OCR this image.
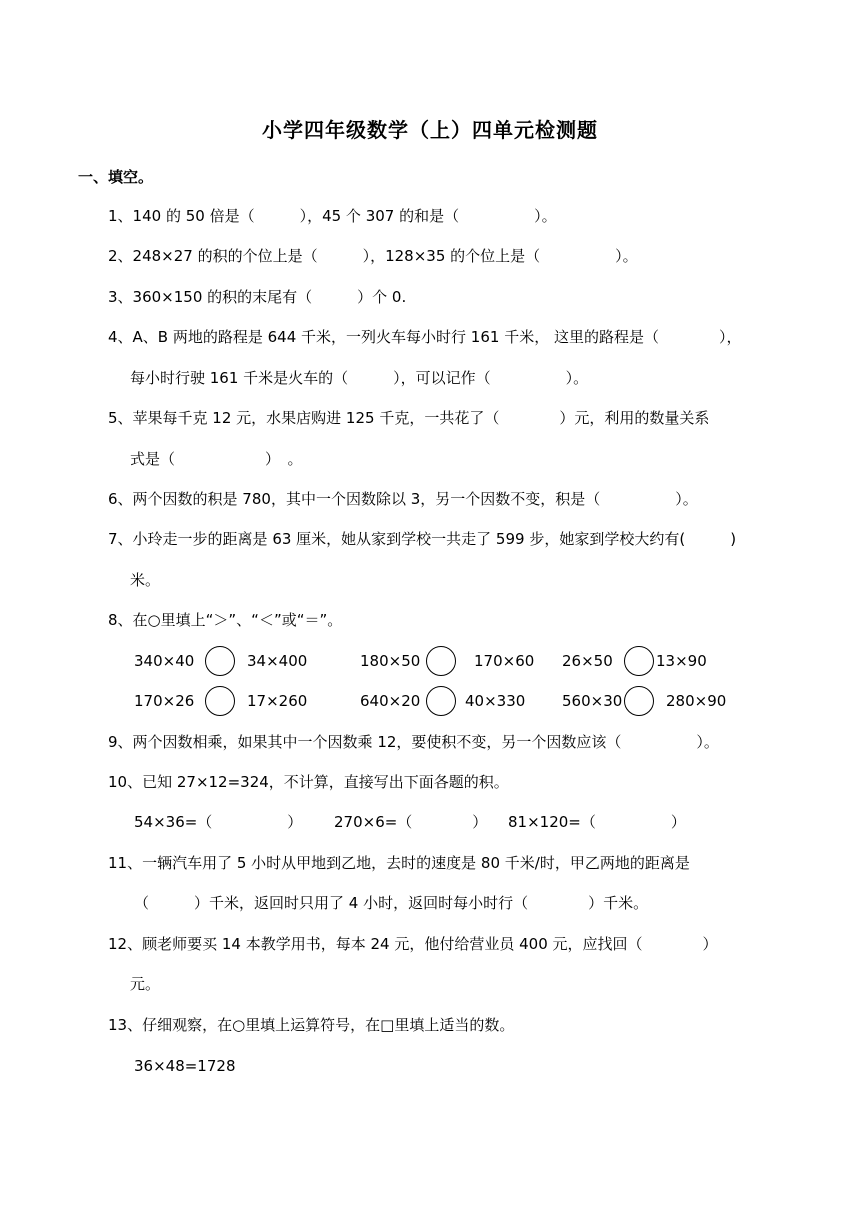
小学四年级数学（上）四单元检测题
一、填空。
1、140 的 50 倍是（　　　），45 个 307 的和是（　　　　　）。
2、248×27 的积的个位上是（　　　），128×35 的个位上是（　　　　　）。
3、360×150 的积的末尾有（　　　）个 0.
4、A、B 两地的路程是 644 千米，一列火车每小时行 161 千米， 这里的路程是（　　　　），
每小时行驶 161 千米是火车的（　　　），可以记作（　　　　　）。
5、苹果每千克 12 元，水果店购进 125 千克，一共花了（　　　　）元，利用的数量关系
式是（　　　　　　）　。
6、两个因数的积是 780，其中一个因数除以 3，另一个因数不变，积是（　　　　　）。
7、小玲走一步的距离是 63 厘米，她从家到学校一共走了 599 步，她家到学校大约有(　　　)
米。
8、在○里填上“＞”、“＜”或“＝”。
340×40	34×400	180×50	170×60 26×50	13×90
170×26	17×260	640×20	40×330 560×30	280×90
9、两个因数相乘，如果其中一个因数乘 12，要使积不变，另一个因数应该（　　　　　）。
10、已知 27×12=324，不计算，直接写出下面各题的积。
54×36=（　　　　　） 270×6=（　　　　） 81×120=（　　　　　）
11、一辆汽车用了 5 小时从甲地到乙地，去时的速度是 80 千米/时，甲乙两地的距离是
（　　　）千米，返回时只用了 4 小时，返回时每小时行（　　　　）千米。
12、顾老师要买 14 本教学用书，每本 24 元，他付给营业员 400 元，应找回（　　　　）
元。
13、仔细观察，在○里填上运算符号，在□里填上适当的数。
36×48=1728
